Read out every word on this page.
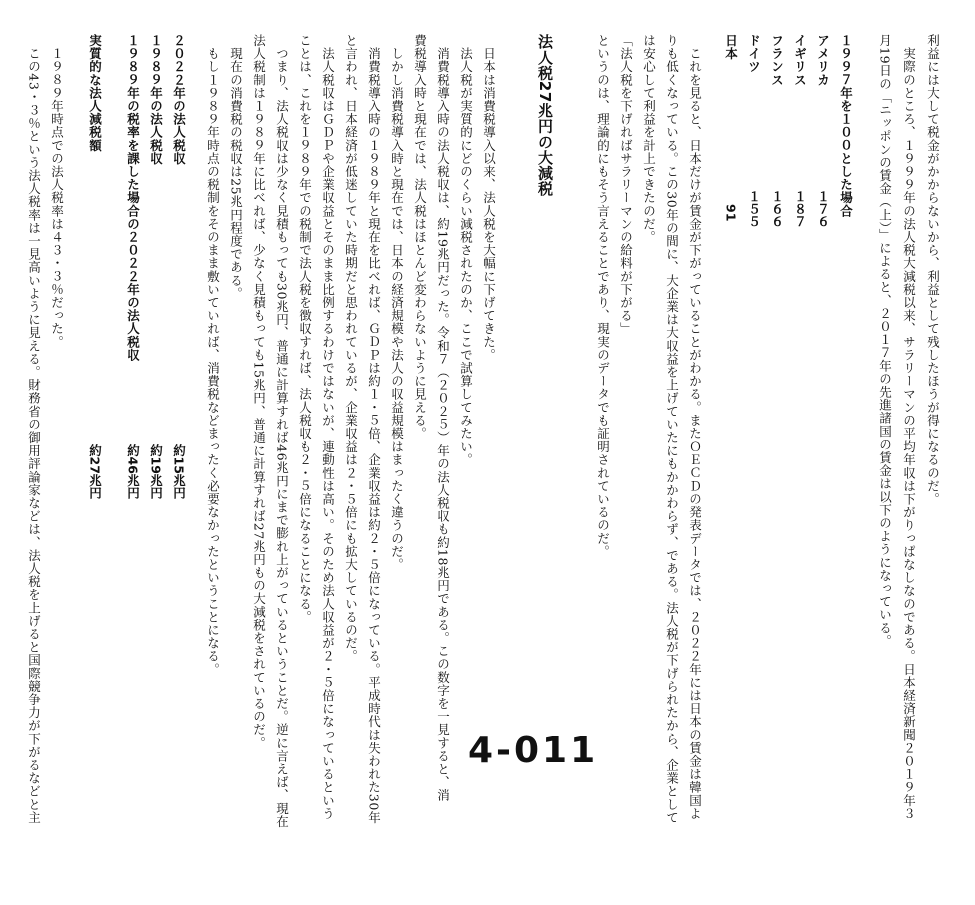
利益には大して税金がかからないから、利益として残したほうが得になるのだ。
　実際のところ、１９９９年の法人税大減税以来、サラリーマンの平均年収は下がりっぱなしなのである。日本経済新聞２０１９年３
月19日の「ニッポンの賃金（上）」によると、２０１７年の先進諸国の賃金は以下のようになっている。
１９９７年を１００とした場合
アメリカ
イギリス
フランス
ドイツ
日本
１７６
１８７
１６６
１５５
91
　これを見ると、日本だけが賃金が下がっていることがわかる。またＯＥＣＤの発表データでは、２０２２年には日本の賃金は韓国よ
りも低くなっている。この30年の間に、大企業は大収益を上げていたにもかかわらず、である。法人税が下げられたから、企業として
は安心して利益を計上できたのだ。
「法人税を下げればサラリーマンの給料が下がる」
というのは、理論的にもそう言えることであり、現実のデータでも証明されているのだ。
法人税27兆円の大減税
　日本は消費税導入以来、法人税を大幅に下げてきた。
　法人税が実質的にどのくらい減税されたのか、ここで試算してみたい。
　消費税導入時の法人税収は、約19兆円だった。令和７（２０２５）年の法人税収も約18兆円である。この数字を一見すると、消
費税導入時と現在では、法人税はほとんど変わらないように見える。
　しかし消費税導入時と現在では、日本の経済規模や法人の収益規模はまったく違うのだ。
　消費税導入時の１９８９年と現在を比べれば、ＧＤＰは約１・５倍、企業収益は約２・５倍になっている。平成時代は失われた30年
と言われ、日本経済が低迷していた時期だと思われているが、企業収益は２・５倍にも拡大しているのだ。
　法人税収はＧＤＰや企業収益とそのまま比例するわけではないが、連動性は高い。そのため法人収益が２・５倍になっているという
ことは、これを１９８９年での税制で法人税を徴収すれば、法人税収も２・５倍になることになる。
　つまり、法人税収は少なく見積もっても30兆円、普通に計算すれば46兆円にまで膨れ上がっているということだ。逆に言えば、現在
法人税制は１９８９年に比べれば、少なく見積もっても15兆円、普通に計算すれば27兆円もの大減税をされているのだ。
　現在の消費税の税収は25兆円程度である。
　もし１９８９年時点の税制をそのまま敷いていれば、消費税などまったく必要なかったということになる。
２０２２年の法人税収
１９８９年の法人税収
１９８９年の税率を課した場合の２０２２年の法人税収
実質的な法人減税額
約15兆円
約19兆円
約46兆円
約27兆円
　１９８９年時点での法人税率は４３・３％だった。
　この43・３％という法人税率は一見高いように見える。財務省の御用評論家などは、法人税を上げると国際競争力が下がるなどと主	4-011
